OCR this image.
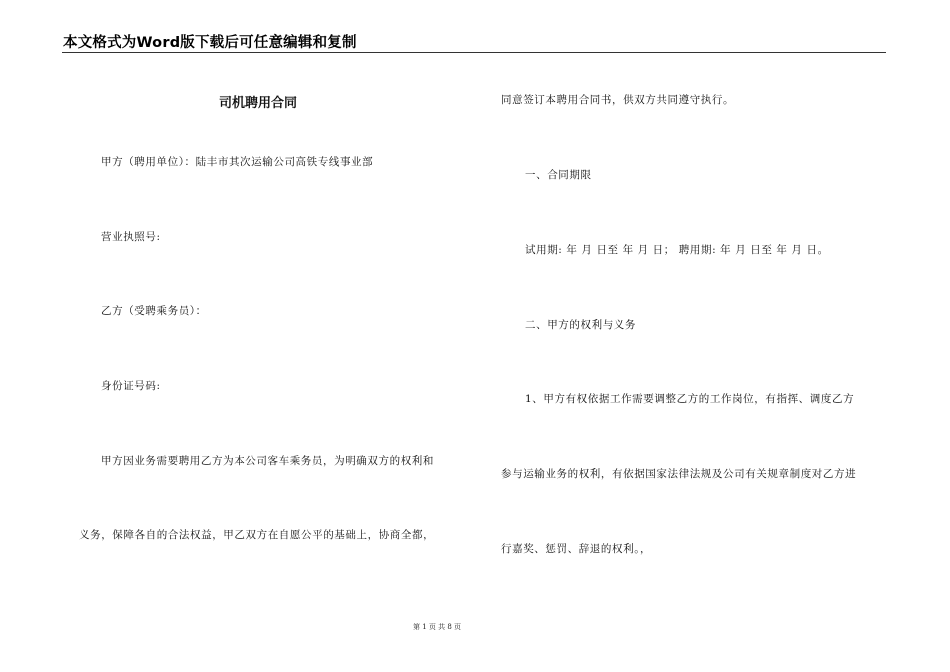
本文格式为Word版下载后可任意编辑和复制
司机聘用合同
甲方（聘用单位）：陆丰市其次运输公司高铁专线事业部
营业执照号:
乙方（受聘乘务员）：
身份证号码:
甲方因业务需要聘用乙方为本公司客车乘务员，为明确双方的权利和
义务，保障各自的合法权益，甲乙双方在自愿公平的基础上，协商全都，
同意签订本聘用合同书，供双方共同遵守执行。
一、合同期限
试用期: 年 月 日至 年 月 日； 聘用期: 年 月 日至 年 月 日。
二、甲方的权利与义务
1、甲方有权依据工作需要调整乙方的工作岗位，有指挥、调度乙方
参与运输业务的权利，有依据国家法律法规及公司有关规章制度对乙方进
行嘉奖、惩罚、辞退的权利。，
第 1 页 共 8 页
